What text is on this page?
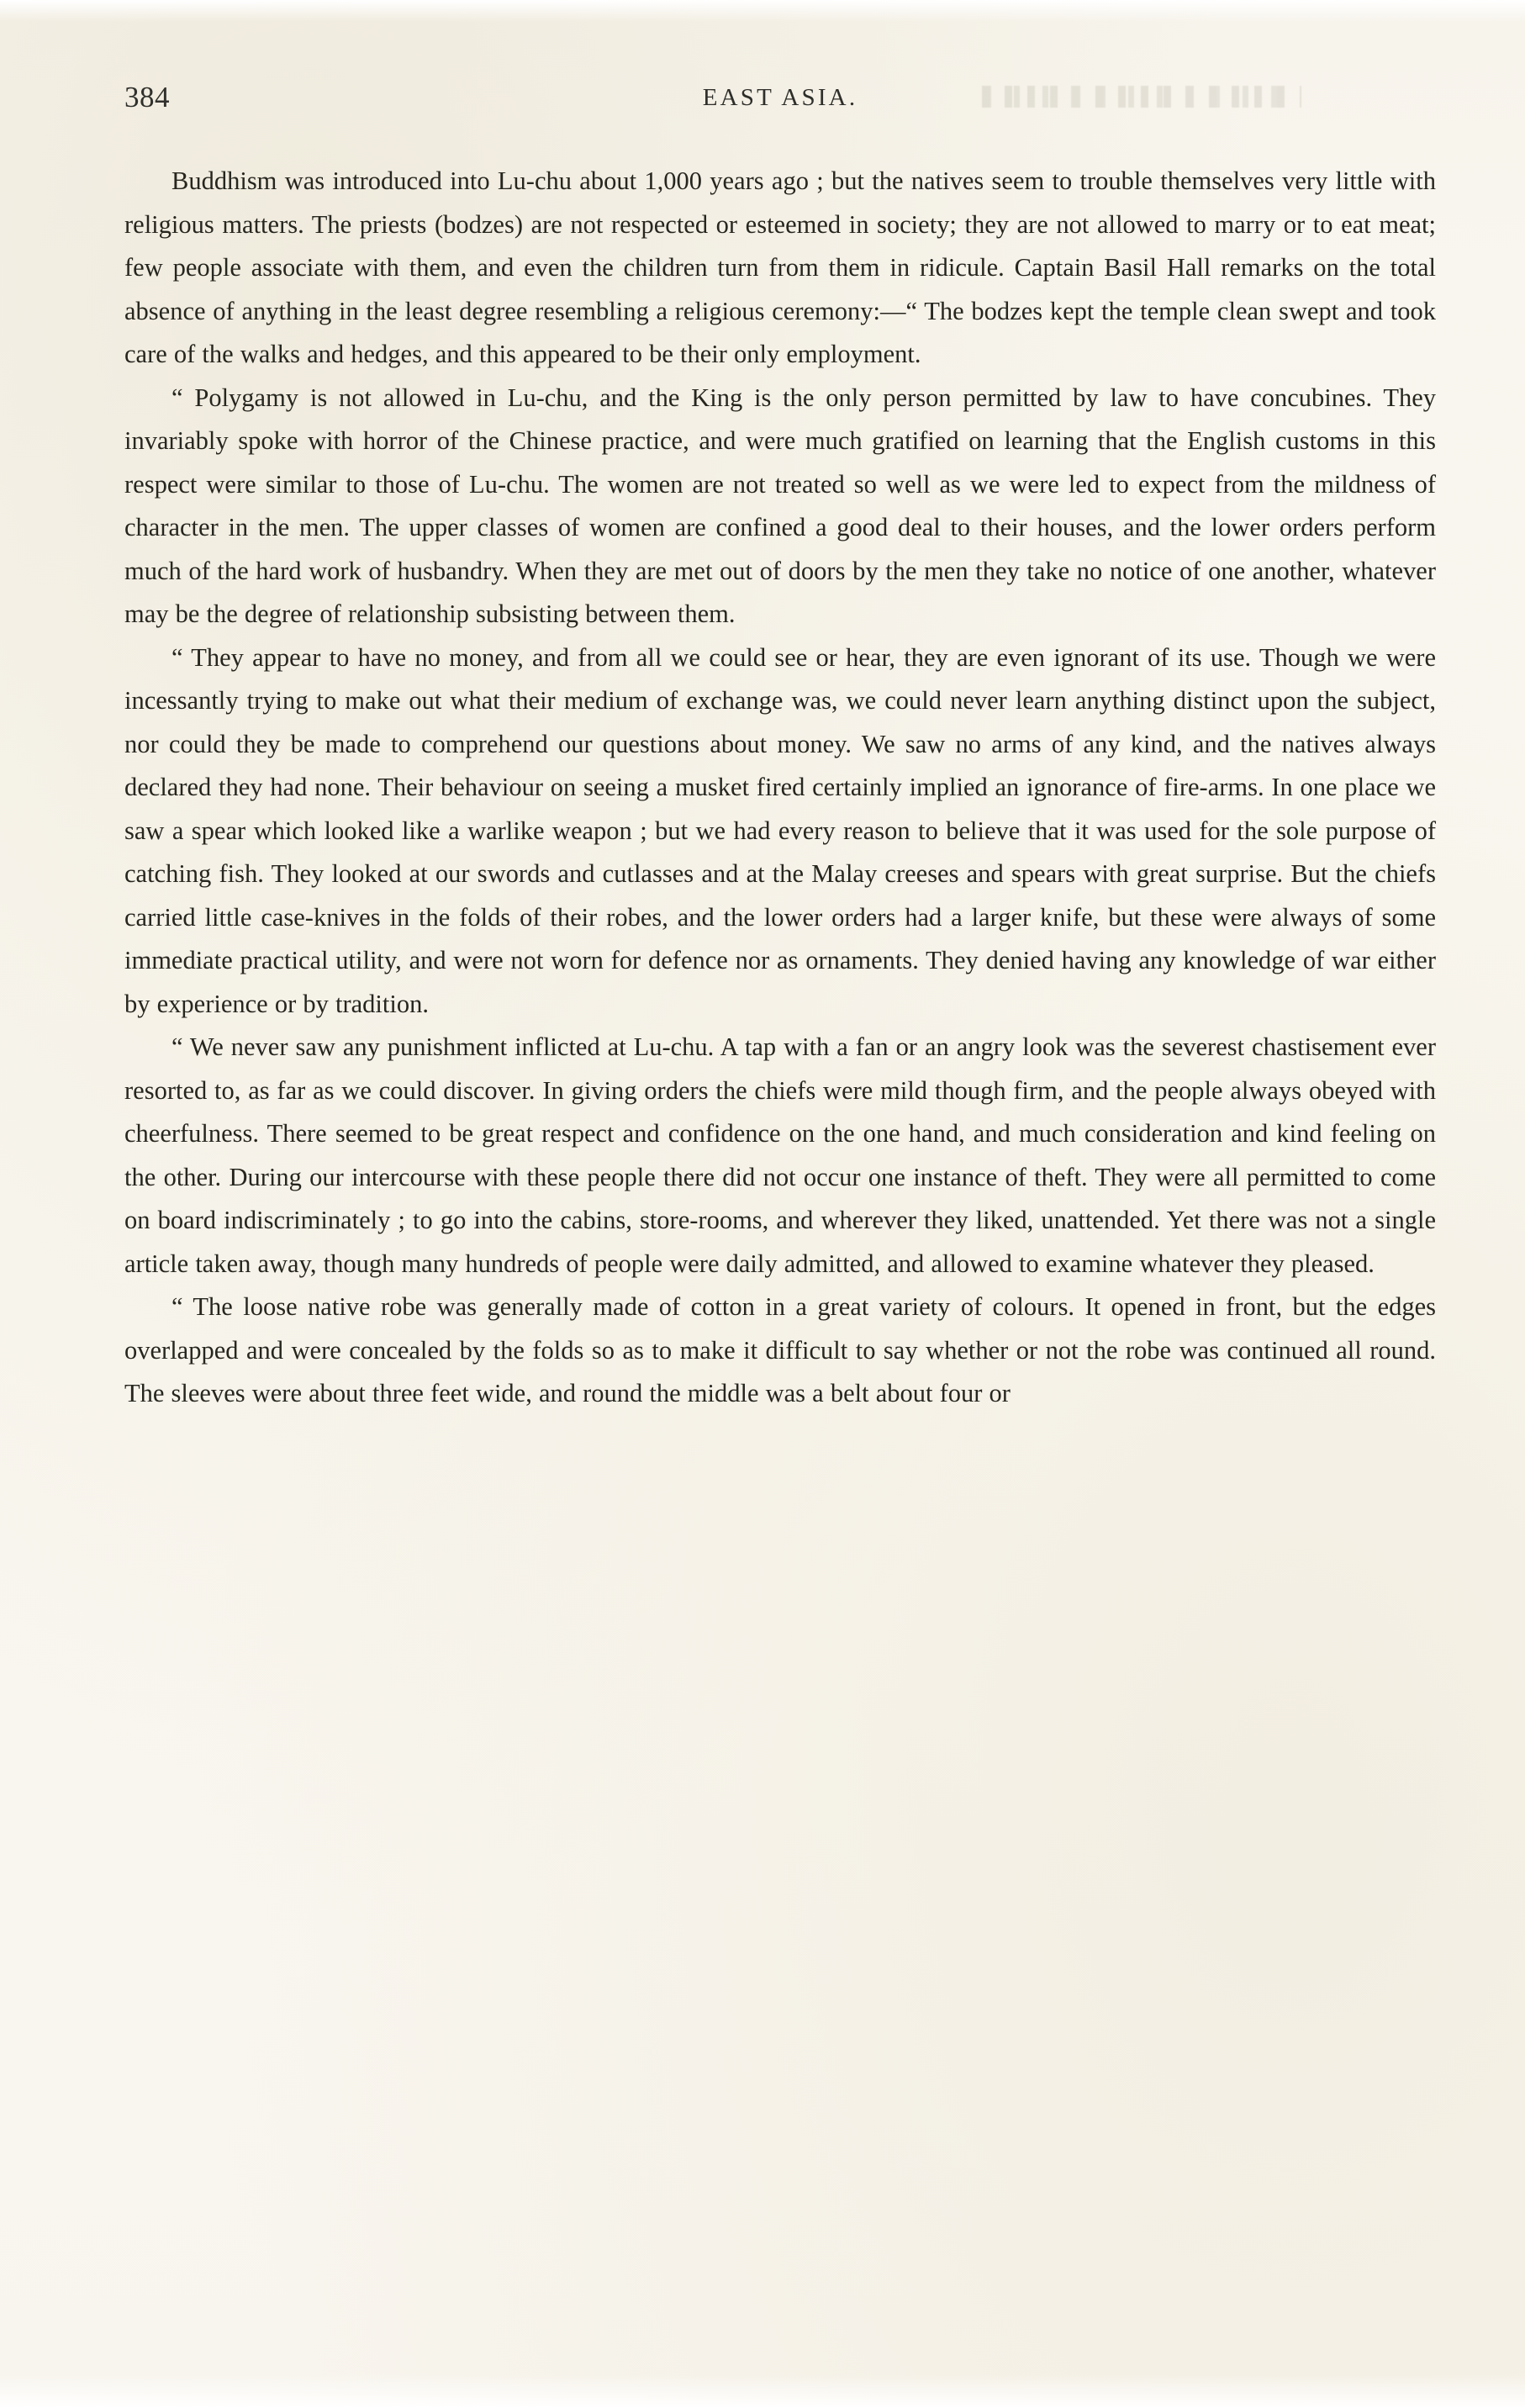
384	EAST ASIA.

Buddhism was introduced into Lu-chu about 1,000 years ago ; but the natives seem to trouble themselves very little with religious matters. The priests (bodzes) are not respected or esteemed in society; they are not allowed to marry or to eat meat; few people associate with them, and even the children turn from them in ridicule. Captain Basil Hall remarks on the total absence of anything in the least degree resembling a religious ceremony:—“ The bodzes kept the temple clean swept and took care of the walks and hedges, and this appeared to be their only employment.

“ Polygamy is not allowed in Lu-chu, and the King is the only person permitted by law to have concubines. They invariably spoke with horror of the Chinese practice, and were much gratified on learning that the English customs in this respect were similar to those of Lu-chu. The women are not treated so well as we were led to expect from the mildness of character in the men. The upper classes of women are confined a good deal to their houses, and the lower orders perform much of the hard work of husbandry. When they are met out of doors by the men they take no notice of one another, whatever may be the degree of relationship subsisting between them.

“ They appear to have no money, and from all we could see or hear, they are even ignorant of its use. Though we were incessantly trying to make out what their medium of exchange was, we could never learn anything distinct upon the subject, nor could they be made to comprehend our questions about money. We saw no arms of any kind, and the natives always declared they had none. Their behaviour on seeing a musket fired certainly implied an ignorance of fire-arms. In one place we saw a spear which looked like a warlike weapon ; but we had every reason to believe that it was used for the sole purpose of catching fish. They looked at our swords and cutlasses and at the Malay creeses and spears with great surprise. But the chiefs carried little case-knives in the folds of their robes, and the lower orders had a larger knife, but these were always of some immediate practical utility, and were not worn for defence nor as ornaments. They denied having any knowledge of war either by experience or by tradition.

“ We never saw any punishment inflicted at Lu-chu. A tap with a fan or an angry look was the severest chastisement ever resorted to, as far as we could discover. In giving orders the chiefs were mild though firm, and the people always obeyed with cheerfulness. There seemed to be great respect and confidence on the one hand, and much consideration and kind feeling on the other. During our intercourse with these people there did not occur one instance of theft. They were all permitted to come on board indiscriminately ; to go into the cabins, store-rooms, and wherever they liked, unattended. Yet there was not a single article taken away, though many hundreds of people were daily admitted, and allowed to examine whatever they pleased.

“ The loose native robe was generally made of cotton in a great variety of colours. It opened in front, but the edges overlapped and were concealed by the folds so as to make it difficult to say whether or not the robe was continued all round. The sleeves were about three feet wide, and round the middle was a belt about four or
